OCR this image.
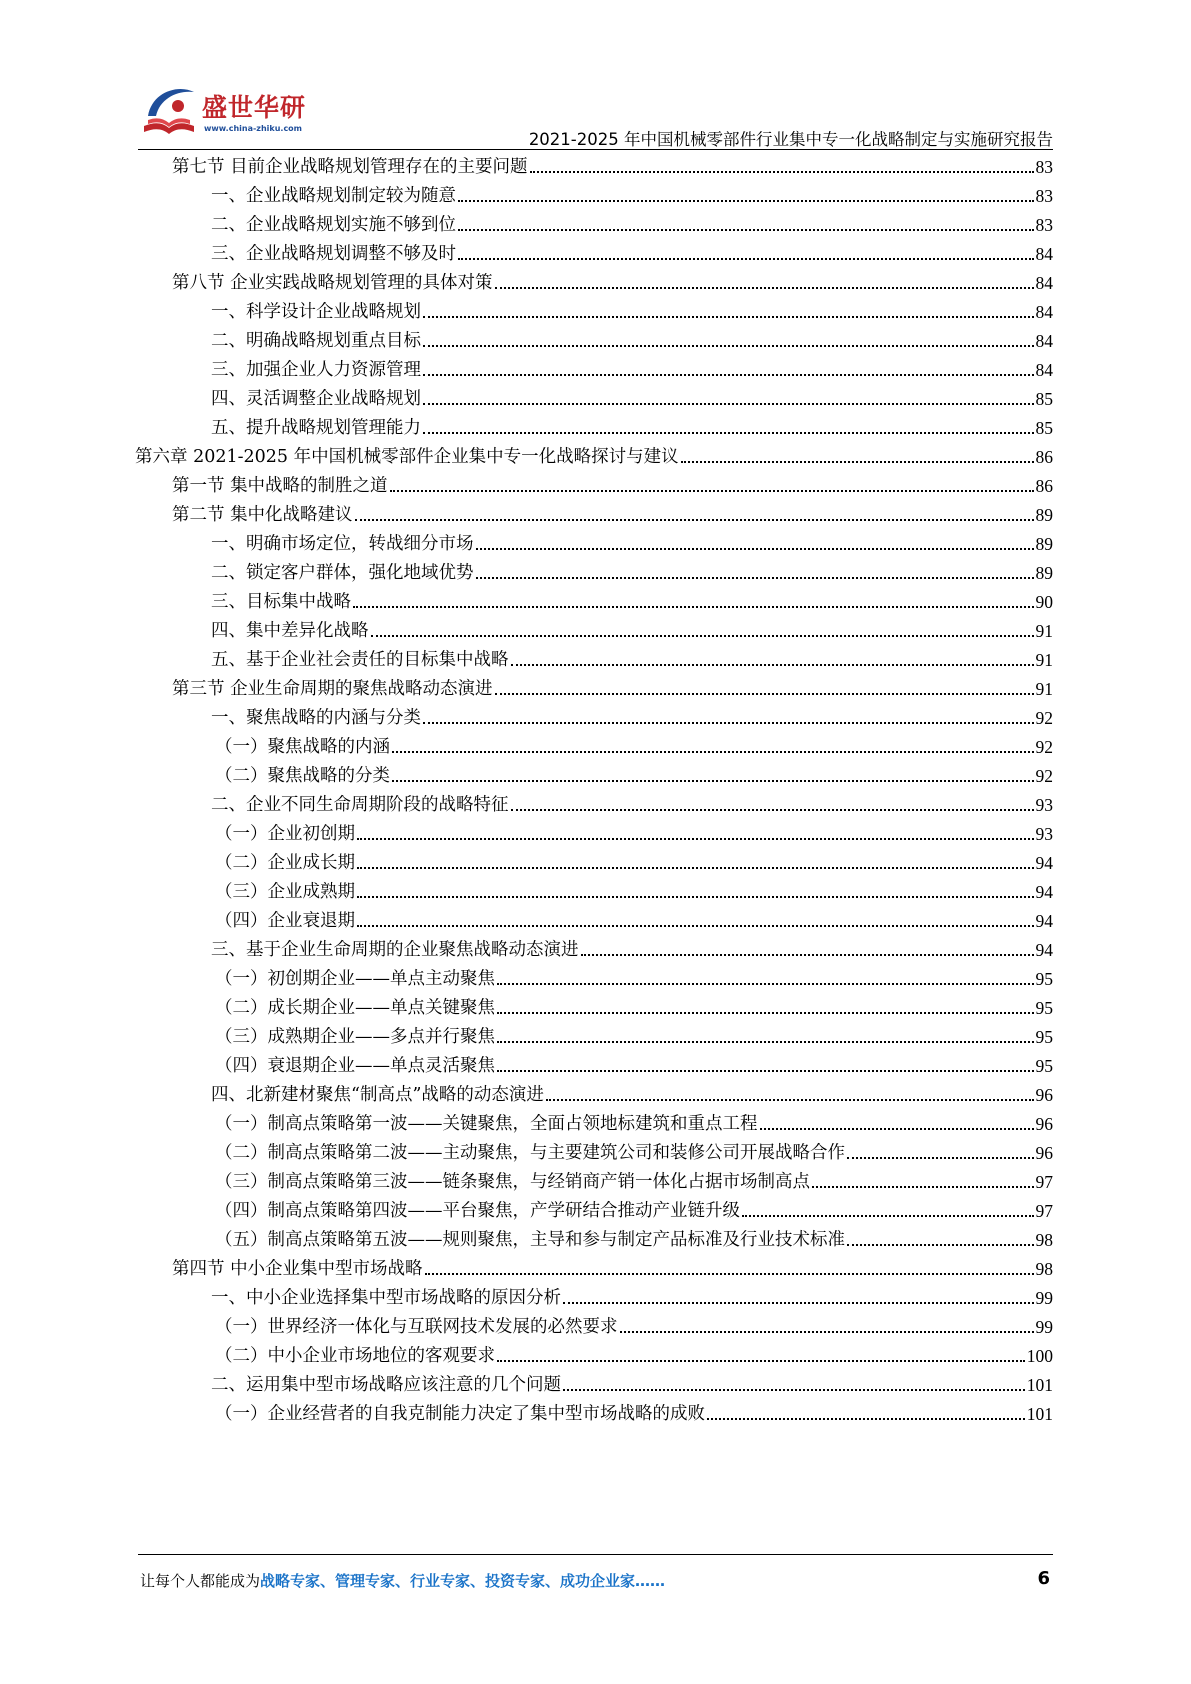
盛世华研
www.china-zhiku.com
2021-2025 年中国机械零部件行业集中专一化战略制定与实施研究报告
第七节 目前企业战略规划管理存在的主要问题	83
一、企业战略规划制定较为随意	83
二、企业战略规划实施不够到位	83
三、企业战略规划调整不够及时	84
第八节 企业实践战略规划管理的具体对策	84
一、科学设计企业战略规划	84
二、明确战略规划重点目标	84
三、加强企业人力资源管理	84
四、灵活调整企业战略规划	85
五、提升战略规划管理能力	85
第六章 2021-2025 年中国机械零部件企业集中专一化战略探讨与建议	86
第一节 集中战略的制胜之道	86
第二节 集中化战略建议	89
一、明确市场定位，转战细分市场	89
二、锁定客户群体，强化地域优势	89
三、目标集中战略	90
四、集中差异化战略	91
五、基于企业社会责任的目标集中战略	91
第三节 企业生命周期的聚焦战略动态演进	91
一、聚焦战略的内涵与分类	92
（一）聚焦战略的内涵	92
（二）聚焦战略的分类	92
二、企业不同生命周期阶段的战略特征	93
（一）企业初创期	93
（二）企业成长期	94
（三）企业成熟期	94
（四）企业衰退期	94
三、基于企业生命周期的企业聚焦战略动态演进	94
（一）初创期企业——单点主动聚焦	95
（二）成长期企业——单点关键聚焦	95
（三）成熟期企业——多点并行聚焦	95
（四）衰退期企业——单点灵活聚焦	95
四、北新建材聚焦“制高点”战略的动态演进	96
（一）制高点策略第一波——关键聚焦，全面占领地标建筑和重点工程	96
（二）制高点策略第二波——主动聚焦，与主要建筑公司和装修公司开展战略合作	96
（三）制高点策略第三波——链条聚焦，与经销商产销一体化占据市场制高点	97
（四）制高点策略第四波——平台聚焦，产学研结合推动产业链升级	97
（五）制高点策略第五波——规则聚焦，主导和参与制定产品标准及行业技术标准	98
第四节 中小企业集中型市场战略	98
一、中小企业选择集中型市场战略的原因分析	99
（一）世界经济一体化与互联网技术发展的必然要求	99
（二）中小企业市场地位的客观要求	100
二、运用集中型市场战略应该注意的几个问题	101
（一）企业经营者的自我克制能力决定了集中型市场战略的成败	101
让每个人都能成为战略专家、管理专家、行业专家、投资专家、成功企业家……	6
